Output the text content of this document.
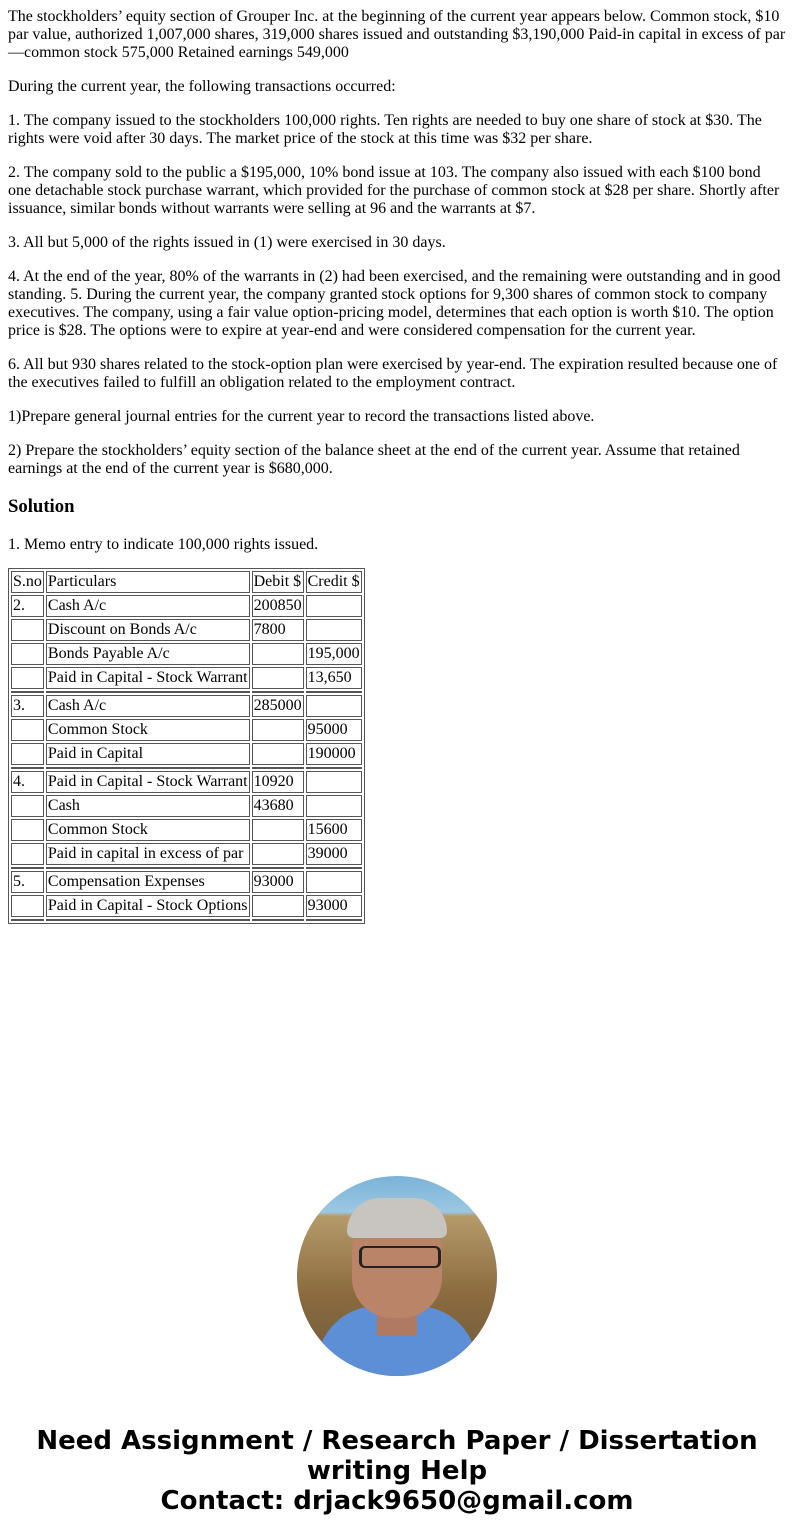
The stockholders’ equity section of Grouper Inc. at the beginning of the current year appears below. Common stock, $10 par value, authorized 1,007,000 shares, 319,000 shares issued and outstanding $3,190,000 Paid-in capital in excess of par—common stock 575,000 Retained earnings 549,000

During the current year, the following transactions occurred:

1. The company issued to the stockholders 100,000 rights. Ten rights are needed to buy one share of stock at $30. The rights were void after 30 days. The market price of the stock at this time was $32 per share.

2. The company sold to the public a $195,000, 10% bond issue at 103. The company also issued with each $100 bond one detachable stock purchase warrant, which provided for the purchase of common stock at $28 per share. Shortly after issuance, similar bonds without warrants were selling at 96 and the warrants at $7.

3. All but 5,000 of the rights issued in (1) were exercised in 30 days.

4. At the end of the year, 80% of the warrants in (2) had been exercised, and the remaining were outstanding and in good standing. 5. During the current year, the company granted stock options for 9,300 shares of common stock to company executives. The company, using a fair value option-pricing model, determines that each option is worth $10. The option price is $28. The options were to expire at year-end and were considered compensation for the current year.

6. All but 930 shares related to the stock-option plan were exercised by year-end. The expiration resulted because one of the executives failed to fulfill an obligation related to the employment contract.

1)Prepare general journal entries for the current year to record the transactions listed above.

2) Prepare the stockholders’ equity section of the balance sheet at the end of the current year. Assume that retained earnings at the end of the current year is $680,000.

Solution

1. Memo entry to indicate 100,000 rights issued.

S.no	Particulars	Debit $	Credit $
2.	Cash A/c	200850	
	Discount on Bonds A/c	7800	
	Bonds Payable A/c		195,000
	Paid in Capital - Stock Warrant		13,650

3.	Cash A/c	285000	
	Common Stock		95000
	Paid in Capital		190000

4.	Paid in Capital - Stock Warrant	10920	
	Cash	43680	
	Common Stock		15600
	Paid in capital in excess of par		39000

5.	Compensation Expenses	93000	
	Paid in Capital - Stock Options		93000

Need Assignment / Research Paper / Dissertation writing Help
Contact: drjack9650@gmail.com
